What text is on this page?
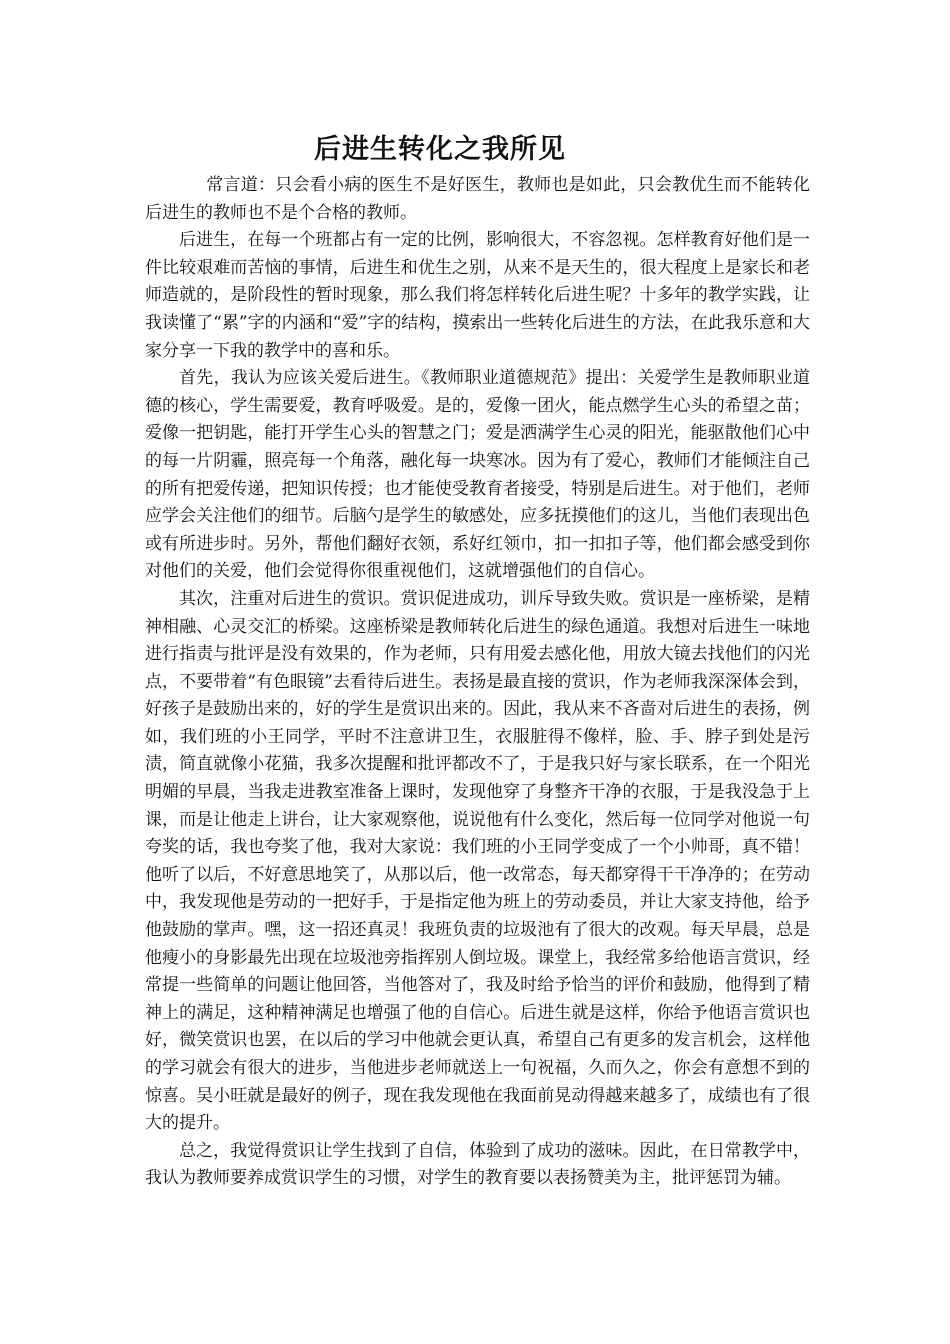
后进生转化之我所见

常言道：只会看小病的医生不是好医生，教师也是如此，只会教优生而不能转化后进生的教师也不是个合格的教师。

后进生，在每一个班都占有一定的比例，影响很大，不容忽视。怎样教育好他们是一件比较艰难而苦恼的事情，后进生和优生之别，从来不是天生的，很大程度上是家长和老师造就的，是阶段性的暂时现象，那么我们将怎样转化后进生呢？十多年的教学实践，让我读懂了“累”字的内涵和“爱”字的结构，摸索出一些转化后进生的方法，在此我乐意和大家分享一下我的教学中的喜和乐。

首先，我认为应该关爱后进生。《教师职业道德规范》提出：关爱学生是教师职业道德的核心，学生需要爱，教育呼吸爱。是的，爱像一团火，能点燃学生心头的希望之苗；爱像一把钥匙，能打开学生心头的智慧之门；爱是洒满学生心灵的阳光，能驱散他们心中的每一片阴霾，照亮每一个角落，融化每一块寒冰。因为有了爱心，教师们才能倾注自己的所有把爱传递，把知识传授；也才能使受教育者接受，特别是后进生。对于他们，老师应学会关注他们的细节。后脑勺是学生的敏感处，应多抚摸他们的这儿，当他们表现出色或有所进步时。另外，帮他们翻好衣领，系好红领巾，扣一扣扣子等，他们都会感受到你对他们的关爱，他们会觉得你很重视他们，这就增强他们的自信心。

其次，注重对后进生的赏识。赏识促进成功，训斥导致失败。赏识是一座桥梁，是精神相融、心灵交汇的桥梁。这座桥梁是教师转化后进生的绿色通道。我想对后进生一味地进行指责与批评是没有效果的，作为老师，只有用爱去感化他，用放大镜去找他们的闪光点，不要带着“有色眼镜”去看待后进生。表扬是最直接的赏识，作为老师我深深体会到，好孩子是鼓励出来的，好的学生是赏识出来的。因此，我从来不吝啬对后进生的表扬，例如，我们班的小王同学，平时不注意讲卫生，衣服脏得不像样，脸、手、脖子到处是污渍，简直就像小花猫，我多次提醒和批评都改不了，于是我只好与家长联系，在一个阳光明媚的早晨，当我走进教室准备上课时，发现他穿了身整齐干净的衣服，于是我没急于上课，而是让他走上讲台，让大家观察他，说说他有什么变化，然后每一位同学对他说一句夸奖的话，我也夸奖了他，我对大家说：我们班的小王同学变成了一个小帅哥，真不错！他听了以后，不好意思地笑了，从那以后，他一改常态，每天都穿得干干净净的；在劳动中，我发现他是劳动的一把好手，于是指定他为班上的劳动委员，并让大家支持他，给予他鼓励的掌声。嘿，这一招还真灵！我班负责的垃圾池有了很大的改观。每天早晨，总是他瘦小的身影最先出现在垃圾池旁指挥别人倒垃圾。课堂上，我经常多给他语言赏识，经常提一些简单的问题让他回答，当他答对了，我及时给予恰当的评价和鼓励，他得到了精神上的满足，这种精神满足也增强了他的自信心。后进生就是这样，你给予他语言赏识也好，微笑赏识也罢，在以后的学习中他就会更认真，希望自己有更多的发言机会，这样他的学习就会有很大的进步，当他进步老师就送上一句祝福，久而久之，你会有意想不到的惊喜。吴小旺就是最好的例子，现在我发现他在我面前晃动得越来越多了，成绩也有了很大的提升。

总之，我觉得赏识让学生找到了自信，体验到了成功的滋味。因此，在日常教学中，我认为教师要养成赏识学生的习惯，对学生的教育要以表扬赞美为主，批评惩罚为辅。
